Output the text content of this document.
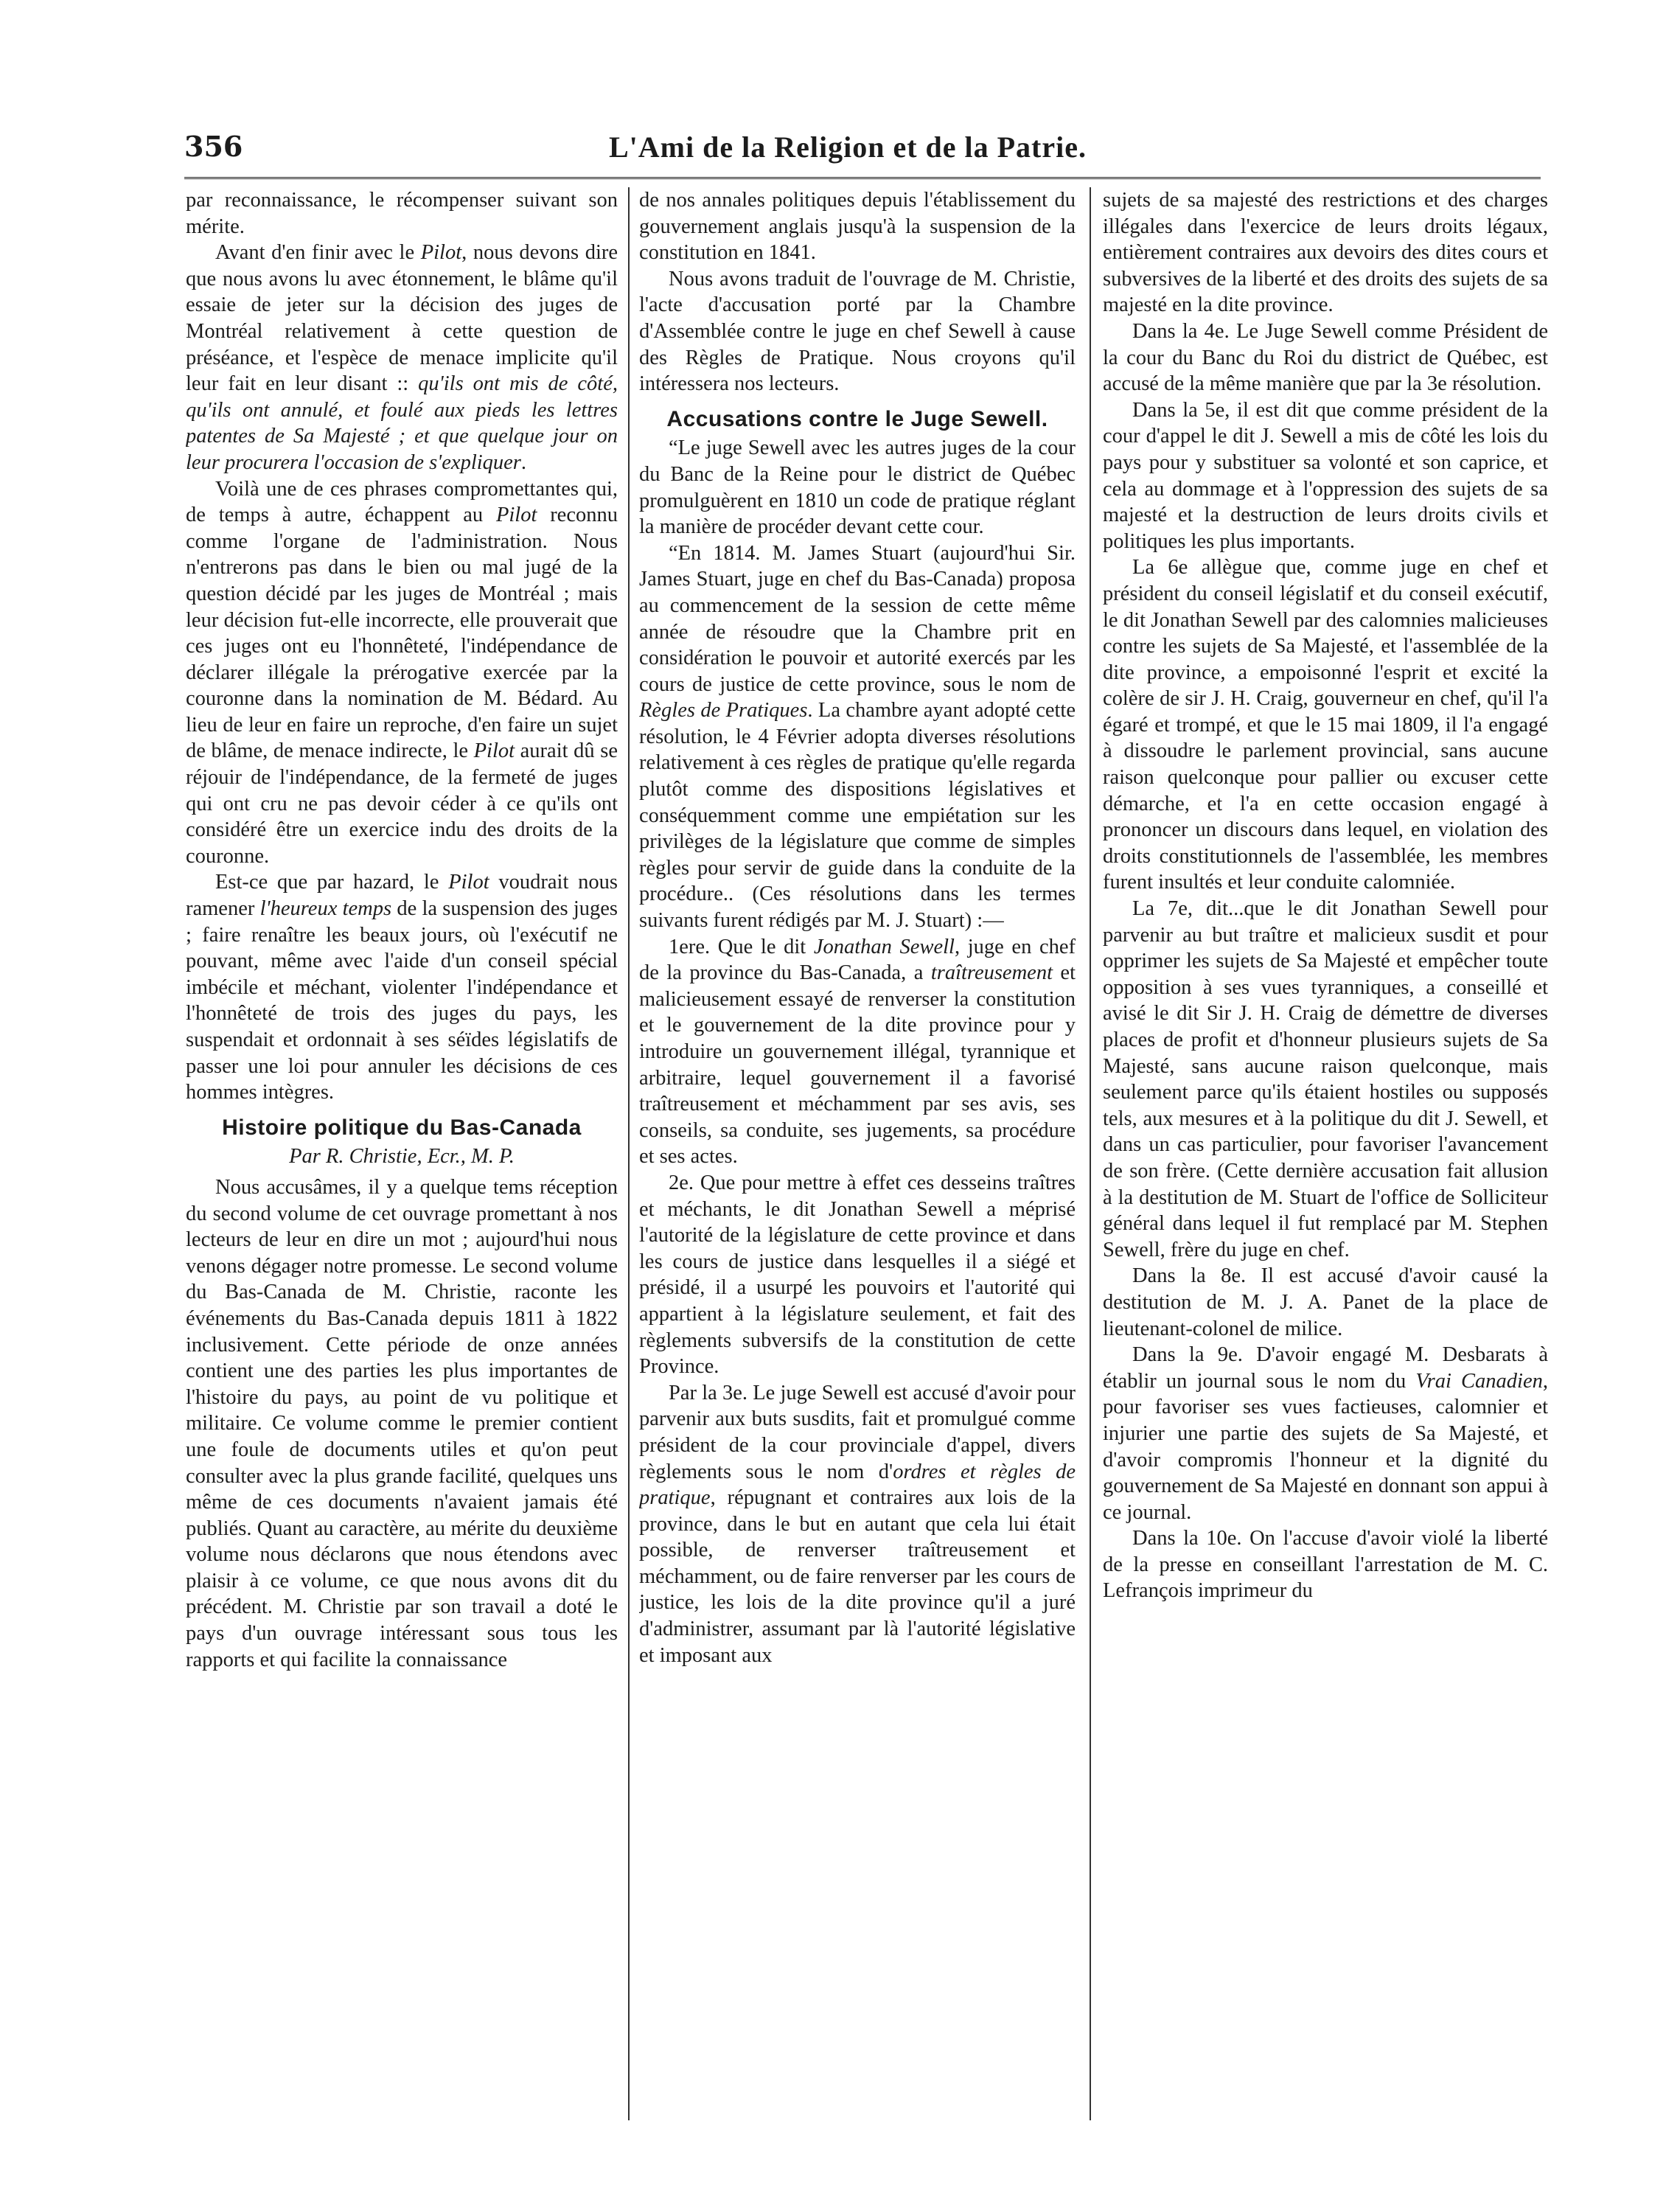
356	L'Ami de la Religion et de la Patrie.

par reconnaissance, le récompenser suivant son mérite.

Avant d'en finir avec le Pilot, nous devons dire que nous avons lu avec étonnement, le blâme qu'il essaie de jeter sur la décision des juges de Montréal relativement à cette question de préséance, et l'espèce de menace implicite qu'il leur fait en leur disant :: qu'ils ont mis de côté, qu'ils ont annulé, et foulé aux pieds les lettres patentes de Sa Majesté ; et que quelque jour on leur procurera l'occasion de s'expliquer.

Voilà une de ces phrases compromettantes qui, de temps à autre, échappent au Pilot reconnu comme l'organe de l'administration. Nous n'entrerons pas dans le bien ou mal jugé de la question décidé par les juges de Montréal ; mais leur décision fut-elle incorrecte, elle prouverait que ces juges ont eu l'honnêteté, l'indépendance de déclarer illégale la prérogative exercée par la couronne dans la nomination de M. Bédard. Au lieu de leur en faire un reproche, d'en faire un sujet de blâme, de menace indirecte, le Pilot aurait dû se réjouir de l'indépendance, de la fermeté de juges qui ont cru ne pas devoir céder à ce qu'ils ont considéré être un exercice indu des droits de la couronne.

Est-ce que par hazard, le Pilot voudrait nous ramener l'heureux temps de la suspension des juges ; faire renaître les beaux jours, où l'exécutif ne pouvant, même avec l'aide d'un conseil spécial imbécile et méchant, violenter l'indépendance et l'honnêteté de trois des juges du pays, les suspendait et ordonnait à ses séïdes législatifs de passer une loi pour annuler les décisions de ces hommes intègres.

Histoire politique du Bas-Canada
Par R. Christie, Ecr., M. P.

Nous accusâmes, il y a quelque tems réception du second volume de cet ouvrage promettant à nos lecteurs de leur en dire un mot ; aujourd'hui nous venons dégager notre promesse. Le second volume du Bas-Canada de M. Christie, raconte les événements du Bas-Canada depuis 1811 à 1822 inclusivement. Cette période de onze années contient une des parties les plus importantes de l'histoire du pays, au point de vu politique et militaire. Ce volume comme le premier contient une foule de documents utiles et qu'on peut consulter avec la plus grande facilité, quelques uns même de ces documents n'avaient jamais été publiés. Quant au caractère, au mérite du deuxième volume nous déclarons que nous étendons avec plaisir à ce volume, ce que nous avons dit du précédent. M. Christie par son travail a doté le pays d'un ouvrage intéressant sous tous les rapports et qui facilite la connaissance

de nos annales politiques depuis l'établissement du gouvernement anglais jusqu'à la suspension de la constitution en 1841.

Nous avons traduit de l'ouvrage de M. Christie, l'acte d'accusation porté par la Chambre d'Assemblée contre le juge en chef Sewell à cause des Règles de Pratique. Nous croyons qu'il intéressera nos lecteurs.

Accusations contre le Juge Sewell.

“Le juge Sewell avec les autres juges de la cour du Banc de la Reine pour le district de Québec promulguèrent en 1810 un code de pratique réglant la manière de procéder devant cette cour.

“En 1814. M. James Stuart (aujourd'hui Sir. James Stuart, juge en chef du Bas-Canada) proposa au commencement de la session de cette même année de résoudre que la Chambre prit en considération le pouvoir et autorité exercés par les cours de justice de cette province, sous le nom de Règles de Pratiques. La chambre ayant adopté cette résolution, le 4 Février adopta diverses résolutions relativement à ces règles de pratique qu'elle regarda plutôt comme des dispositions législatives et conséquemment comme une empiétation sur les privilèges de la législature que comme de simples règles pour servir de guide dans la conduite de la procédure.. (Ces résolutions dans les termes suivants furent rédigés par M. J. Stuart) :—

1ere. Que le dit Jonathan Sewell, juge en chef de la province du Bas-Canada, a traîtreusement et malicieusement essayé de renverser la constitution et le gouvernement de la dite province pour y introduire un gouvernement illégal, tyrannique et arbitraire, lequel gouvernement il a favorisé traîtreusement et méchamment par ses avis, ses conseils, sa conduite, ses jugements, sa procédure et ses actes.

2e. Que pour mettre à effet ces desseins traîtres et méchants, le dit Jonathan Sewell a méprisé l'autorité de la législature de cette province et dans les cours de justice dans lesquelles il a siégé et présidé, il a usurpé les pouvoirs et l'autorité qui appartient à la législature seulement, et fait des règlements subversifs de la constitution de cette Province.

Par la 3e. Le juge Sewell est accusé d'avoir pour parvenir aux buts susdits, fait et promulgué comme président de la cour provinciale d'appel, divers règlements sous le nom d'ordres et règles de pratique, répugnant et contraires aux lois de la province, dans le but en autant que cela lui était possible, de renverser traîtreusement et méchamment, ou de faire renverser par les cours de justice, les lois de la dite province qu'il a juré d'administrer, assumant par là l'autorité législative et imposant aux

sujets de sa majesté des restrictions et des charges illégales dans l'exercice de leurs droits légaux, entièrement contraires aux devoirs des dites cours et subversives de la liberté et des droits des sujets de sa majesté en la dite province.

Dans la 4e. Le Juge Sewell comme Président de la cour du Banc du Roi du district de Québec, est accusé de la même manière que par la 3e résolution.

Dans la 5e, il est dit que comme président de la cour d'appel le dit J. Sewell a mis de côté les lois du pays pour y substituer sa volonté et son caprice, et cela au dommage et à l'oppression des sujets de sa majesté et la destruction de leurs droits civils et politiques les plus importants.

La 6e allègue que, comme juge en chef et président du conseil législatif et du conseil exécutif, le dit Jonathan Sewell par des calomnies malicieuses contre les sujets de Sa Majesté, et l'assemblée de la dite province, a empoisonné l'esprit et excité la colère de sir J. H. Craig, gouverneur en chef, qu'il l'a égaré et trompé, et que le 15 mai 1809, il l'a engagé à dissoudre le parlement provincial, sans aucune raison quelconque pour pallier ou excuser cette démarche, et l'a en cette occasion engagé à prononcer un discours dans lequel, en violation des droits constitutionnels de l'assemblée, les membres furent insultés et leur conduite calomniée.

La 7e, dit...que le dit Jonathan Sewell pour parvenir au but traître et malicieux susdit et pour opprimer les sujets de Sa Majesté et empêcher toute opposition à ses vues tyranniques, a conseillé et avisé le dit Sir J. H. Craig de démettre de diverses places de profit et d'honneur plusieurs sujets de Sa Majesté, sans aucune raison quelconque, mais seulement parce qu'ils étaient hostiles ou supposés tels, aux mesures et à la politique du dit J. Sewell, et dans un cas particulier, pour favoriser l'avancement de son frère. (Cette dernière accusation fait allusion à la destitution de M. Stuart de l'office de Solliciteur général dans lequel il fut remplacé par M. Stephen Sewell, frère du juge en chef.

Dans la 8e. Il est accusé d'avoir causé la destitution de M. J. A. Panet de la place de lieutenant-colonel de milice.

Dans la 9e. D'avoir engagé M. Desbarats à établir un journal sous le nom du Vrai Canadien, pour favoriser ses vues factieuses, calomnier et injurier une partie des sujets de Sa Majesté, et d'avoir compromis l'honneur et la dignité du gouvernement de Sa Majesté en donnant son appui à ce journal.

Dans la 10e. On l'accuse d'avoir violé la liberté de la presse en conseillant l'arrestation de M. C. Lefrançois imprimeur du
